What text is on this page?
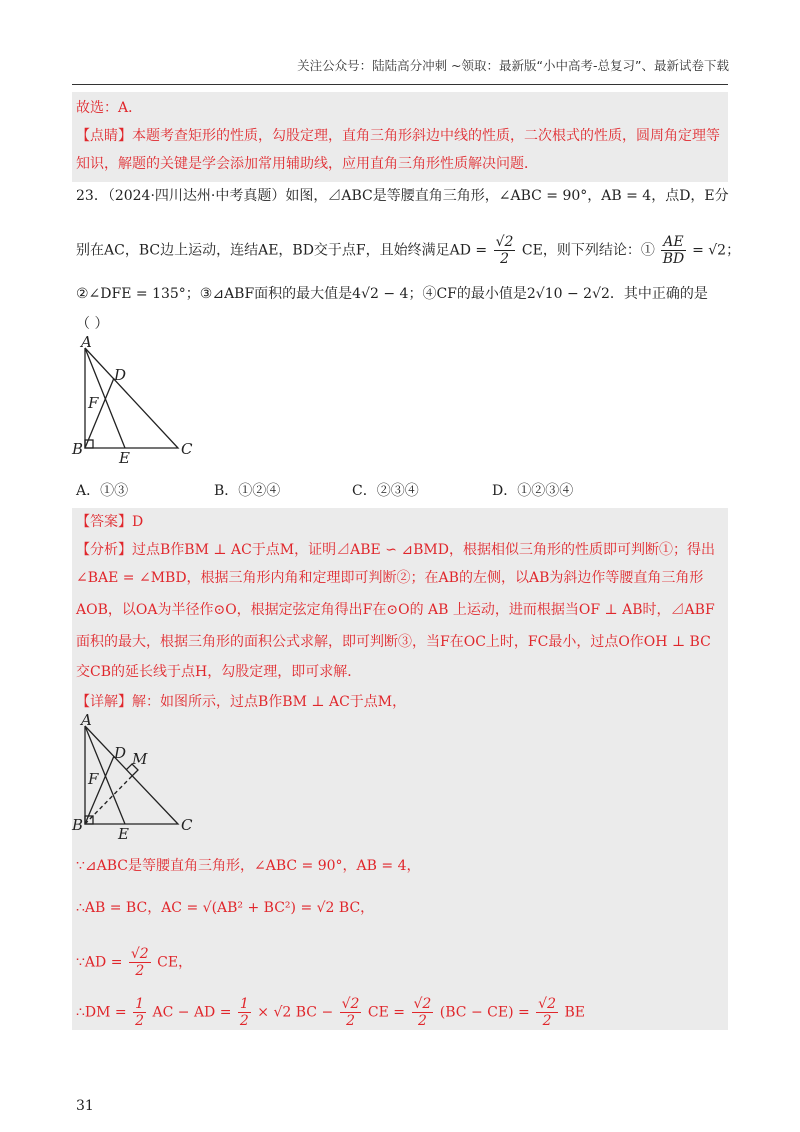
关注公众号：陆陆高分冲刺 ~领取：最新版“小中高考-总复习”、最新试卷下载
故选：A．
【点睛】本题考查矩形的性质，勾股定理，直角三角形斜边中线的性质，二次根式的性质，圆周角定理等
知识，解题的关键是学会添加常用辅助线，应用直角三角形性质解决问题．
23．（2024·四川达州·中考真题）如图，⊿ABC是等腰直角三角形，∠ABC = 90°，AB = 4，点D，E分
别在AC，BC边上运动，连结AE，BD交于点F，且始终满足AD = $\frac{√2}{2}$ CE，则下列结论：① $\frac{AE}{BD} = √2$；
②∠DFE = 135°；③⊿ABF面积的最大值是4√2 − 4；④CF的最小值是2√10 − 2√2．其中正确的是
（ ）
A
D
F
B E	C
A．①③	B．①②④	C．②③④	D．①②③④
【答案】D
【分析】过点B作BM ⊥ AC于点M，证明⊿ABE ∽ ⊿BMD，根据相似三角形的性质即可判断①；得出
∠BAE = ∠MBD，根据三角形内角和定理即可判断②；在AB的左侧，以AB为斜边作等腰直角三角形
AOB，以OA为半径作⊙O，根据定弦定角得出F在⊙O的 AB 上运动，进而根据当OF ⊥ AB时，⊿ABF
面积的最大，根据三角形的面积公式求解，即可判断③，当F在OC上时，FC最小，过点O作OH ⊥ BC
交CB的延长线于点H，勾股定理，即可求解．
【详解】解：如图所示，过点B作BM ⊥ AC于点M，
A
D M
F
B E	C
∵⊿ABC是等腰直角三角形，∠ABC = 90°，AB = 4，
∴AB = BC，AC = √(AB² + BC²) = √2 BC，
∵AD = $\frac{√2}{2}$ CE，
∴DM = $\frac{1}{2}$ AC − AD = $\frac{1}{2} \times √2$ BC − $\frac{√2}{2}$ CE = $\frac{√2}{2} (BC - CE) = \frac{√2}{2}$ BE
31
